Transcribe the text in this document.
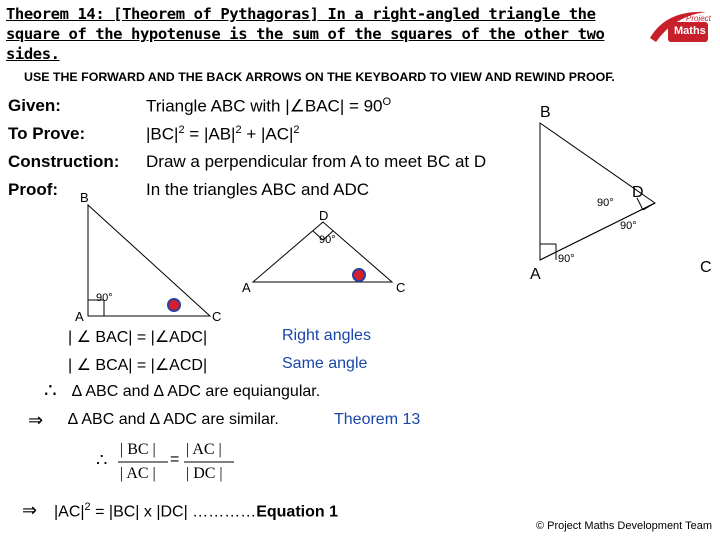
Theorem 14: [Theorem of Pythagoras] In a right-angled triangle the square of the hypotenuse is the sum of the squares of the other two sides.
Project
Maths
USE THE FORWARD AND THE BACK ARROWS ON THE KEYBOARD TO VIEW AND REWIND PROOF.
Given:	Triangle ABC with |∠BAC| = $90^O$
To Prove:	$|BC|^2 = |AB|^2 + |AC|^2$
Construction: Draw a perpendicular from A to meet BC at D
Proof:	In the triangles ABC and ADC
B
D
90°
90°
A
90°	C
B
A	C
90°
D
90°
A	C
| ∠ BAC| = |∠ADC|	Right angles
| ∠ BCA| = |∠ACD|	Same angle
∴ ∆ ABC and ∆ ADC are equiangular.
⇒ ∆ ABC and ∆ ADC are similar.	Theorem 13
∴
| BC |
| AC |
=
| AC |
| DC |
⇒ $|AC|^2 = |BC|$ x |DC| …………Equation 1
© Project Maths Development Team
